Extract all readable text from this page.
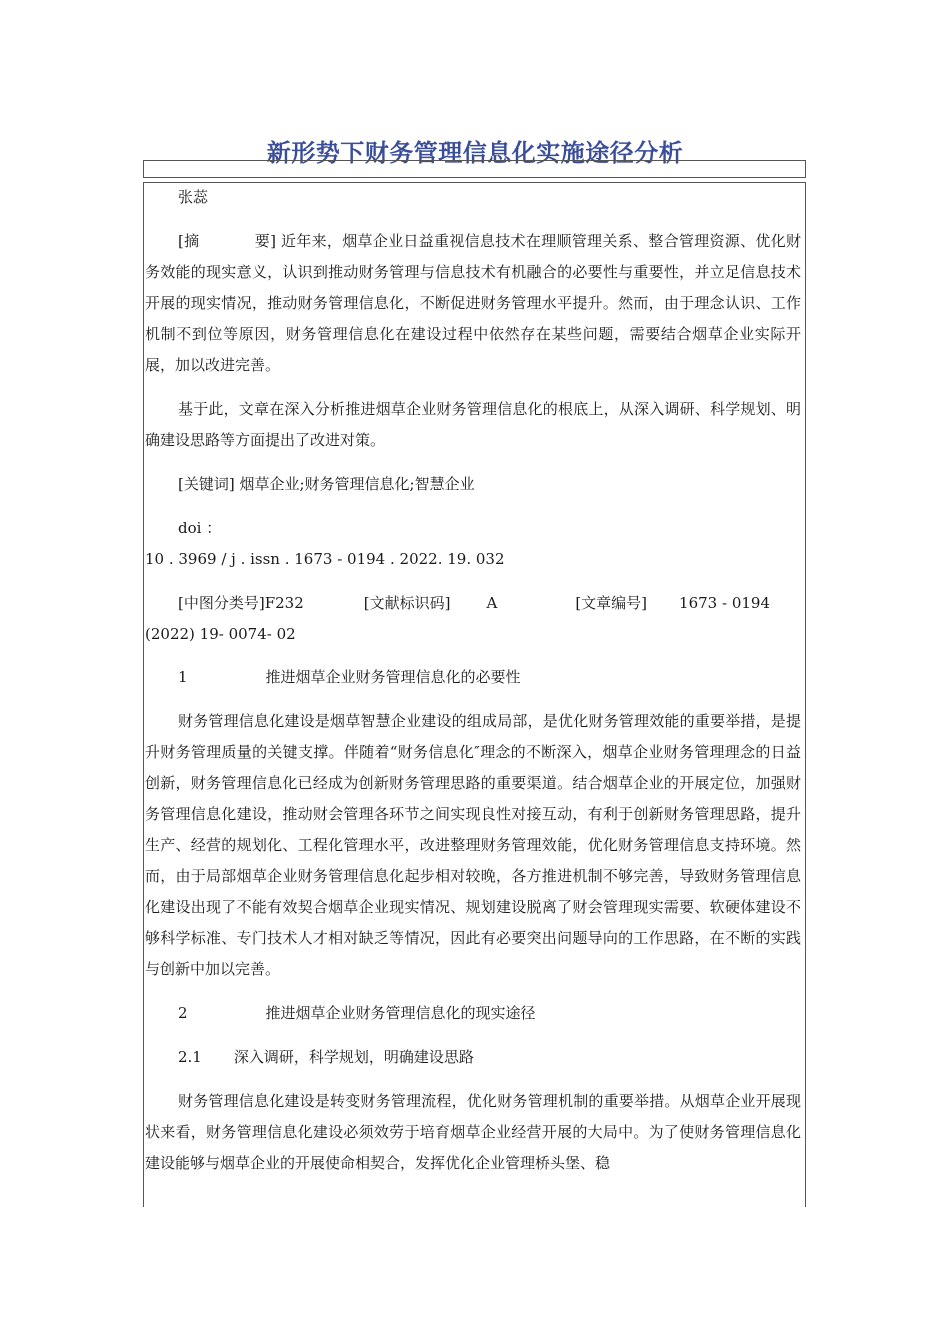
新形势下财务管理信息化实施途径分析

张蕊

[摘	要] 近年来，烟草企业日益重视信息技术在理顺管理关系、整合管理资源、优化财务效能的现实意义，认识到推动财务管理与信息技术有机融合的必要性与重要性，并立足信息技术开展的现实情况，推动财务管理信息化，不断促进财务管理水平提升。然而，由于理念认识、工作机制不到位等原因，财务管理信息化在建设过程中依然存在某些问题，需要结合烟草企业实际开展，加以改进完善。

基于此，文章在深入分析推进烟草企业财务管理信息化的根底上，从深入调研、科学规划、明确建设思路等方面提出了改进对策。

[关键词] 烟草企业;财务管理信息化;智慧企业

doi ：

10 . 3969 / j . issn . 1673 - 0194 . 2022. 19. 032

[中图分类号]F232	[文献标识码] A	[文章编号] 1673 - 0194

(2022) 19- 0074- 02

1	推进烟草企业财务管理信息化的必要性

财务管理信息化建设是烟草智慧企业建设的组成局部，是优化财务管理效能的重要举措，是提升财务管理质量的关键支撑。伴随着“财务信息化″理念的不断深入，烟草企业财务管理理念的日益创新，财务管理信息化已经成为创新财务管理思路的重要渠道。结合烟草企业的开展定位，加强财务管理信息化建设，推动财会管理各环节之间实现良性对接互动，有利于创新财务管理思路，提升生产、经营的规划化、工程化管理水平，改进整理财务管理效能，优化财务管理信息支持环境。然而，由于局部烟草企业财务管理信息化起步相对较晚，各方推进机制不够完善，导致财务管理信息化建设出现了不能有效契合烟草企业现实情况、规划建设脱离了财会管理现实需要、软硬体建设不够科学标准、专门技术人才相对缺乏等情况，因此有必要突出问题导向的工作思路，在不断的实践与创新中加以完善。

2	推进烟草企业财务管理信息化的现实途径

2.1 深入调研，科学规划，明确建设思路

财务管理信息化建设是转变财务管理流程，优化财务管理机制的重要举措。从烟草企业开展现状来看，财务管理信息化建设必须效劳于培育烟草企业经营开展的大局中。为了使财务管理信息化建设能够与烟草企业的开展使命相契合，发挥优化企业管理桥头堡、稳
